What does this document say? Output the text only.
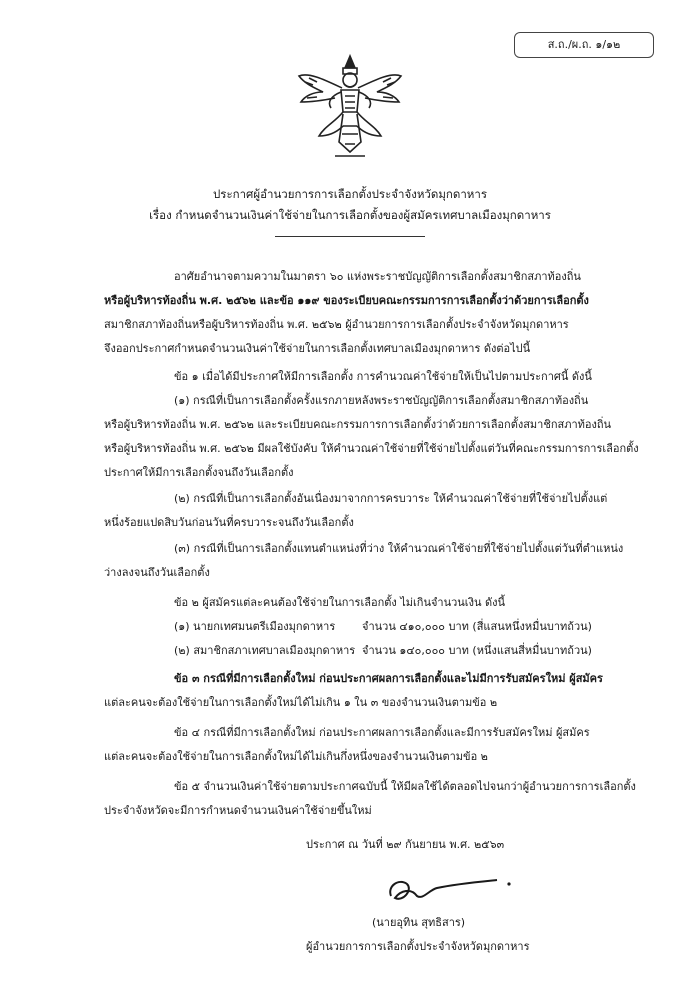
ส.ถ./ผ.ถ. ๑/๑๒
ประกาศผู้อำนวยการการเลือกตั้งประจำจังหวัดมุกดาหาร
เรื่อง กำหนดจำนวนเงินค่าใช้จ่ายในการเลือกตั้งของผู้สมัครเทศบาลเมืองมุกดาหาร
อาศัยอำนาจตามความในมาตรา ๖๐ แห่งพระราชบัญญัติการเลือกตั้งสมาชิกสภาท้องถิ่น
หรือผู้บริหารท้องถิ่น พ.ศ. ๒๕๖๒ และข้อ ๑๑๙ ของระเบียบคณะกรรมการการเลือกตั้งว่าด้วยการเลือกตั้ง
สมาชิกสภาท้องถิ่นหรือผู้บริหารท้องถิ่น พ.ศ. ๒๕๖๒ ผู้อำนวยการการเลือกตั้งประจำจังหวัดมุกดาหาร
จึงออกประกาศกำหนดจำนวนเงินค่าใช้จ่ายในการเลือกตั้งเทศบาลเมืองมุกดาหาร ดังต่อไปนี้
ข้อ ๑ เมื่อได้มีประกาศให้มีการเลือกตั้ง การคำนวณค่าใช้จ่ายให้เป็นไปตามประกาศนี้ ดังนี้
(๑) กรณีที่เป็นการเลือกตั้งครั้งแรกภายหลังพระราชบัญญัติการเลือกตั้งสมาชิกสภาท้องถิ่น
หรือผู้บริหารท้องถิ่น พ.ศ. ๒๕๖๒ และระเบียบคณะกรรมการการเลือกตั้งว่าด้วยการเลือกตั้งสมาชิกสภาท้องถิ่น
หรือผู้บริหารท้องถิ่น พ.ศ. ๒๕๖๒ มีผลใช้บังคับ ให้คำนวณค่าใช้จ่ายที่ใช้จ่ายไปตั้งแต่วันที่คณะกรรมการการเลือกตั้ง
ประกาศให้มีการเลือกตั้งจนถึงวันเลือกตั้ง
(๒) กรณีที่เป็นการเลือกตั้งอันเนื่องมาจากการครบวาระ ให้คำนวณค่าใช้จ่ายที่ใช้จ่ายไปตั้งแต่
หนึ่งร้อยแปดสิบวันก่อนวันที่ครบวาระจนถึงวันเลือกตั้ง
(๓) กรณีที่เป็นการเลือกตั้งแทนตำแหน่งที่ว่าง ให้คำนวณค่าใช้จ่ายที่ใช้จ่ายไปตั้งแต่วันที่ตำแหน่ง
ว่างลงจนถึงวันเลือกตั้ง
ข้อ ๒ ผู้สมัครแต่ละคนต้องใช้จ่ายในการเลือกตั้ง ไม่เกินจำนวนเงิน ดังนี้
(๑) นายกเทศมนตรีเมืองมุกดาหาร จำนวน ๔๑๐,๐๐๐ บาท (สี่แสนหนึ่งหมื่นบาทถ้วน)
(๒) สมาชิกสภาเทศบาลเมืองมุกดาหาร จำนวน ๑๔๐,๐๐๐ บาท (หนึ่งแสนสี่หมื่นบาทถ้วน)
ข้อ ๓ กรณีที่มีการเลือกตั้งใหม่ ก่อนประกาศผลการเลือกตั้งและไม่มีการรับสมัครใหม่ ผู้สมัคร
แต่ละคนจะต้องใช้จ่ายในการเลือกตั้งใหม่ได้ไม่เกิน ๑ ใน ๓ ของจำนวนเงินตามข้อ ๒
ข้อ ๔ กรณีที่มีการเลือกตั้งใหม่ ก่อนประกาศผลการเลือกตั้งและมีการรับสมัครใหม่ ผู้สมัคร
แต่ละคนจะต้องใช้จ่ายในการเลือกตั้งใหม่ได้ไม่เกินกึ่งหนึ่งของจำนวนเงินตามข้อ ๒
ข้อ ๕ จำนวนเงินค่าใช้จ่ายตามประกาศฉบับนี้ ให้มีผลใช้ได้ตลอดไปจนกว่าผู้อำนวยการการเลือกตั้ง
ประจำจังหวัดจะมีการกำหนดจำนวนเงินค่าใช้จ่ายขึ้นใหม่
ประกาศ ณ วันที่ ๒๙ กันยายน พ.ศ. ๒๕๖๓
(นายอุทิน สุทธิสาร)
ผู้อำนวยการการเลือกตั้งประจำจังหวัดมุกดาหาร
